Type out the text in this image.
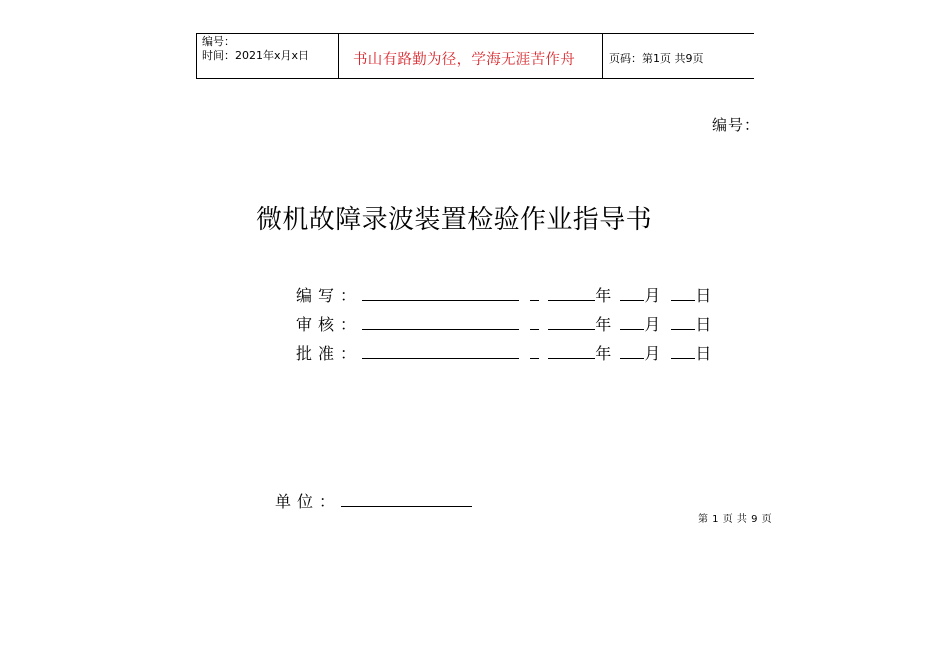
编号：
时间：2021年x月x日	书山有路勤为径，学海无涯苦作舟	页码：第1页 共9页
编号：
微机故障录波装置检验作业指导书
编写：	年 月 日
审核：	年 月 日
批准：	年 月 日
单位：
第 1 页 共 9 页
